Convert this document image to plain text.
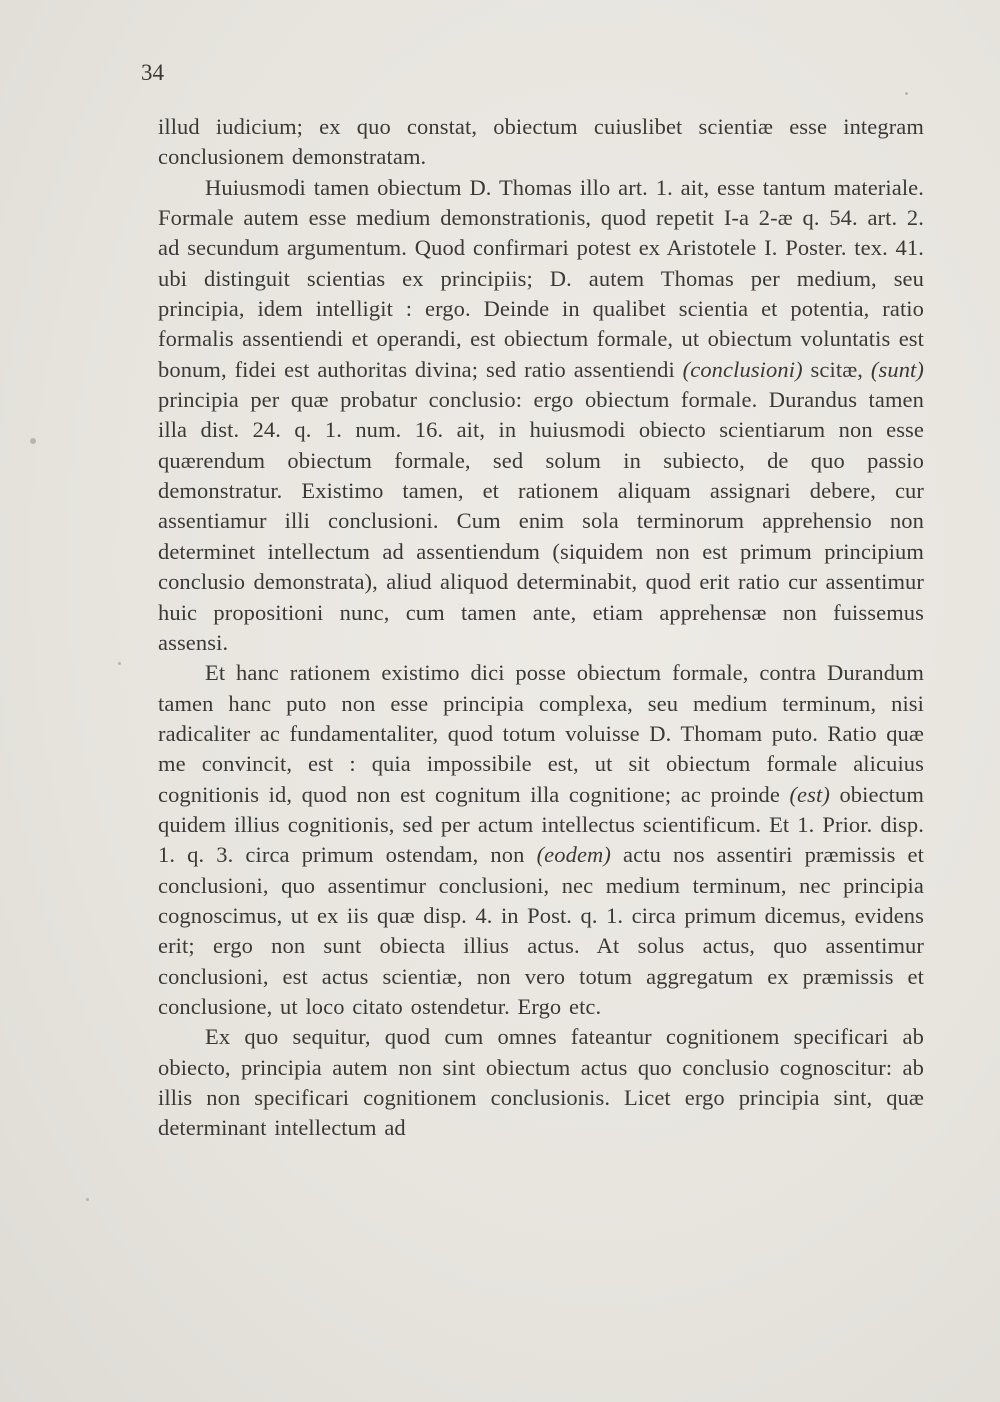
34

illud iudicium; ex quo constat, obiectum cuiuslibet scientiæ esse integram conclusionem demonstratam.

Huiusmodi tamen obiectum D. Thomas illo art. 1. ait, esse tantum materiale. Formale autem esse medium demonstrationis, quod repetit I-a 2-æ q. 54. art. 2. ad secundum argumentum. Quod confirmari potest ex Aristotele I. Poster. tex. 41. ubi distinguit scientias ex principiis; D. autem Thomas per medium, seu principia, idem intelligit : ergo. Deinde in qualibet scientia et potentia, ratio formalis assentiendi et operandi, est obiectum formale, ut obiectum voluntatis est bonum, fidei est authoritas divina; sed ratio assentiendi (conclusioni) scitæ, (sunt) principia per quæ probatur conclusio: ergo obiectum formale. Durandus tamen illa dist. 24. q. 1. num. 16. ait, in huiusmodi obiecto scientiarum non esse quærendum obiectum formale, sed solum in subiecto, de quo passio demonstratur. Existimo tamen, et rationem aliquam assignari debere, cur assentiamur illi conclusioni. Cum enim sola terminorum apprehensio non determinet intellectum ad assentiendum (siquidem non est primum principium conclusio demonstrata), aliud aliquod determinabit, quod erit ratio cur assentimur huic propositioni nunc, cum tamen ante, etiam apprehensæ non fuissemus assensi.

Et hanc rationem existimo dici posse obiectum formale, contra Durandum tamen hanc puto non esse principia complexa, seu medium terminum, nisi radicaliter ac fundamentaliter, quod totum voluisse D. Thomam puto. Ratio quæ me convincit, est : quia impossibile est, ut sit obiectum formale alicuius cognitionis id, quod non est cognitum illa cognitione; ac proinde (est) obiectum quidem illius cognitionis, sed per actum intellectus scientificum. Et 1. Prior. disp. 1. q. 3. circa primum ostendam, non (eodem) actu nos assentiri præmissis et conclusioni, quo assentimur conclusioni, nec medium terminum, nec principia cognoscimus, ut ex iis quæ disp. 4. in Post. q. 1. circa primum dicemus, evidens erit; ergo non sunt obiecta illius actus. At solus actus, quo assentimur conclusioni, est actus scientiæ, non vero totum aggregatum ex præmissis et conclusione, ut loco citato ostendetur. Ergo etc.

Ex quo sequitur, quod cum omnes fateantur cognitionem specificari ab obiecto, principia autem non sint obiectum actus quo conclusio cognoscitur: ab illis non specificari cognitionem conclusionis. Licet ergo principia sint, quæ determinant intellectum ad
